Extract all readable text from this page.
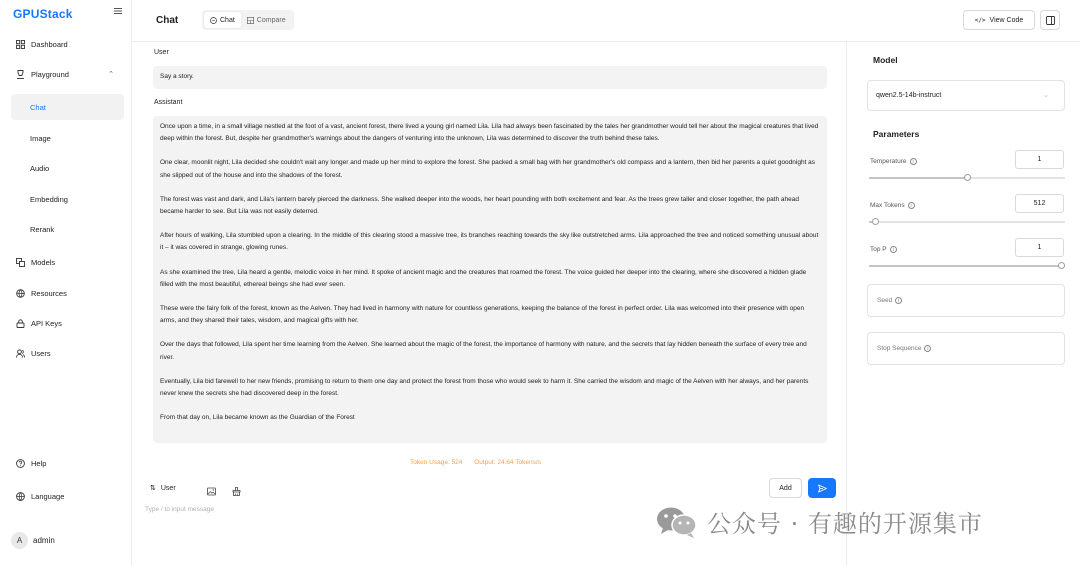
GPUStack
Dashboard
Playground	⌃
Chat
Image
Audio
Embedding
Rerank
Models
Resources
API Keys
Users
Help
Language
A	admin
Chat	Chat	Compare	</> View Code
User

Say a story.

Assistant

Once upon a time, in a small village nestled at the foot of a vast, ancient forest, there lived a young girl named Lila. Lila had always been fascinated by the tales her grandmother would tell her about the magical creatures that lived deep within the forest. But, despite her grandmother's warnings about the dangers of venturing into the unknown, Lila was determined to discover the truth behind these tales.

One clear, moonlit night, Lila decided she couldn't wait any longer and made up her mind to explore the forest. She packed a small bag with her grandmother's old compass and a lantern, then bid her parents a quiet goodnight as she slipped out of the house and into the shadows of the forest.

The forest was vast and dark, and Lila's lantern barely pierced the darkness. She walked deeper into the woods, her heart pounding with both excitement and fear. As the trees grew taller and closer together, the path ahead became harder to see. But Lila was not easily deterred.

After hours of walking, Lila stumbled upon a clearing. In the middle of this clearing stood a massive tree, its branches reaching towards the sky like outstretched arms. Lila approached the tree and noticed something unusual about it – it was covered in strange, glowing runes.

As she examined the tree, Lila heard a gentle, melodic voice in her mind. It spoke of ancient magic and the creatures that roamed the forest. The voice guided her deeper into the clearing, where she discovered a hidden glade filled with the most beautiful, ethereal beings she had ever seen.

These were the fairy folk of the forest, known as the Aelven. They had lived in harmony with nature for countless generations, keeping the balance of the forest in perfect order. Lila was welcomed into their presence with open arms, and they shared their tales, wisdom, and magical gifts with her.

Over the days that followed, Lila spent her time learning from the Aelven. She learned about the magic of the forest, the importance of harmony with nature, and the secrets that lay hidden beneath the surface of every tree and river.

Eventually, Lila bid farewell to her new friends, promising to return to them one day and protect the forest from those who would seek to harm it. She carried the wisdom and magic of the Aelven with her always, and her parents never knew the secrets she had discovered deep in the forest.

From that day on, Lila became known as the Guardian of the Forest

Token Usage: 524 Output: 24.64 Tokens/s
⇅ User	Add
Type / to input message
Model
qwen2.5-14b-instruct	⌄
Parameters
Temperature	i	1
Max Tokens	i	512
Top P	i	1
Seed	i
Stop Sequence	i
公众号 · 有趣的开源集市
